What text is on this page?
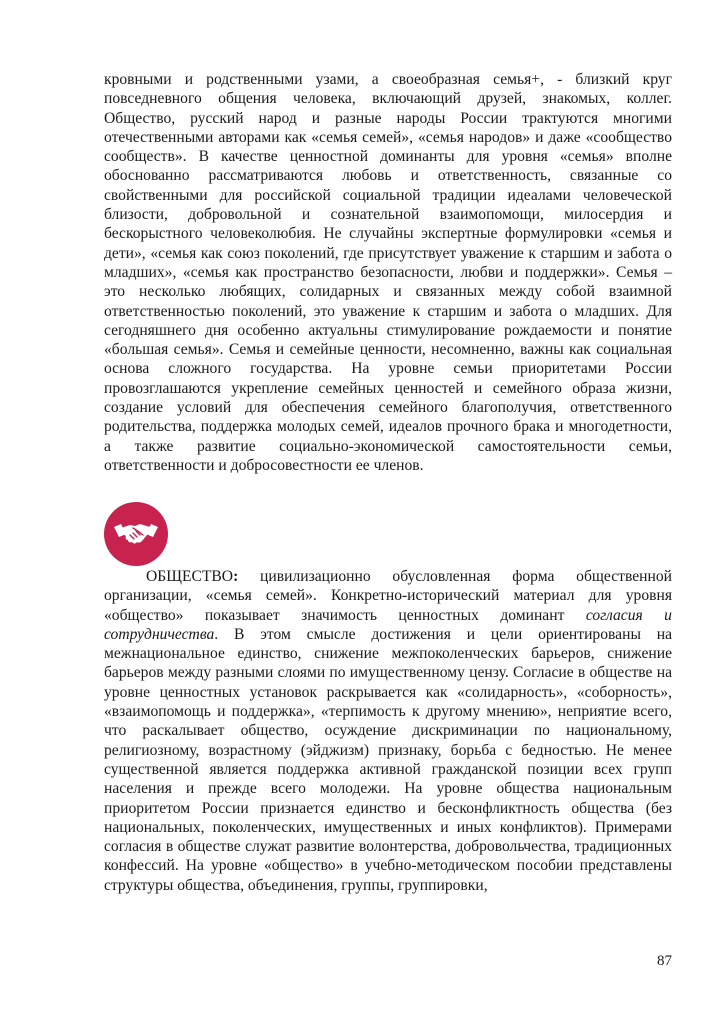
кровными и родственными узами, а своеобразная семья+, - близкий круг повседневного общения человека, включающий друзей, знакомых, коллег. Общество, русский народ и разные народы России трактуются многими отечественными авторами как «семья семей», «семья народов» и даже «сообщество сообществ». В качестве ценностной доминанты для уровня «семья» вполне обоснованно рассматриваются любовь и ответственность, связанные со свойственными для российской социальной традиции идеалами человеческой близости, добровольной и сознательной взаимопомощи, милосердия и бескорыстного человеколюбия. Не случайны экспертные формулировки «семья и дети», «семья как союз поколений, где присутствует уважение к старшим и забота о младших», «семья как пространство безопасности, любви и поддержки». Семья – это несколько любящих, солидарных и связанных между собой взаимной ответственностью поколений, это уважение к старшим и забота о младших. Для сегодняшнего дня особенно актуальны стимулирование рождаемости и понятие «большая семья». Семья и семейные ценности, несомненно, важны как социальная основа сложного государства. На уровне семьи приоритетами России провозглашаются укрепление семейных ценностей и семейного образа жизни, создание условий для обеспечения семейного благополучия, ответственного родительства, поддержка молодых семей, идеалов прочного брака и многодетности, а также развитие социально-экономической самостоятельности семьи, ответственности и добросовестности ее членов.

ОБЩЕСТВО: цивилизационно обусловленная форма общественной организации, «семья семей». Конкретно-исторический материал для уровня «общество» показывает значимость ценностных доминант согласия и сотрудничества. В этом смысле достижения и цели ориентированы на межнациональное единство, снижение межпоколенческих барьеров, снижение барьеров между разными слоями по имущественному цензу. Согласие в обществе на уровне ценностных установок раскрывается как «солидарность», «соборность», «взаимопомощь и поддержка», «терпимость к другому мнению», неприятие всего, что раскалывает общество, осуждение дискриминации по национальному, религиозному, возрастному (эйджизм) признаку, борьба с бедностью. Не менее существенной является поддержка активной гражданской позиции всех групп населения и прежде всего молодежи. На уровне общества национальным приоритетом России признается единство и бесконфликтность общества (без национальных, поколенческих, имущественных и иных конфликтов). Примерами согласия в обществе служат развитие волонтерства, добровольчества, традиционных конфессий. На уровне «общество» в учебно-методическом пособии представлены структуры общества, объединения, группы, группировки,

87
